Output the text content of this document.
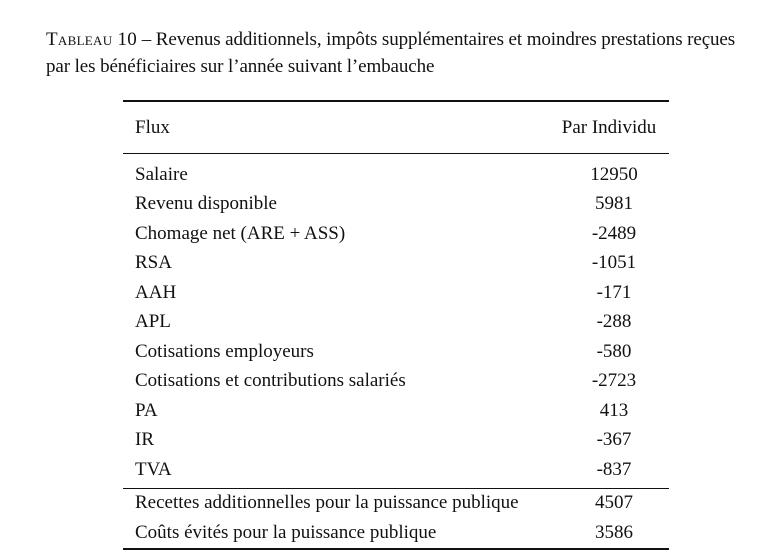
Tableau 10 – Revenus additionnels, impôts supplémentaires et moindres prestations reçues par les bénéficiaires sur l’année suivant l’embauche
Flux	Par Individu
Salaire	12950
Revenu disponible	5981
Chomage net (ARE + ASS)	-2489
RSA	-1051
AAH	-171
APL	-288
Cotisations employeurs	-580
Cotisations et contributions salariés	-2723
PA	413
IR	-367
TVA	-837
Recettes additionnelles pour la puissance publique	4507
Coûts évités pour la puissance publique	3586
